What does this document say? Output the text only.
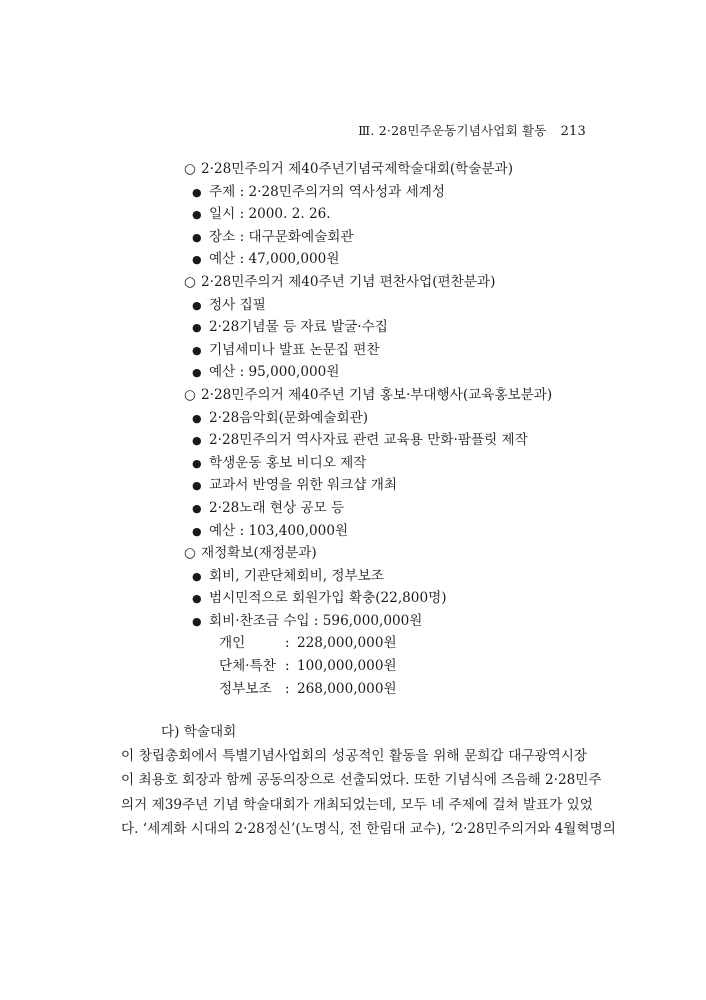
Ⅲ. 2·28민주운동기념사업회 활동 213
○ 2·28민주의거 제40주년기념국제학술대회(학술분과)
● 주제 : 2·28민주의거의 역사성과 세계성
● 일시 : 2000. 2. 26.
● 장소 : 대구문화예술회관
● 예산 : 47,000,000원
○ 2·28민주의거 제40주년 기념 편찬사업(편찬분과)
● 정사 집필
● 2·28기념물 등 자료 발굴·수집
● 기념세미나 발표 논문집 편찬
● 예산 : 95,000,000원
○ 2·28민주의거 제40주년 기념 홍보·부대행사(교육홍보분과)
● 2·28음악회(문화예술회관)
● 2·28민주의거 역사자료 관련 교육용 만화·팜플릿 제작
● 학생운동 홍보 비디오 제작
● 교과서 반영을 위한 워크샵 개최
● 2·28노래 현상 공모 등
● 예산 : 103,400,000원
○ 재정확보(재정분과)
● 회비, 기관단체회비, 정부보조
● 범시민적으로 회원가입 확충(22,800명)
● 회비·찬조금 수입 : 596,000,000원
개인	: 228,000,000원
단체·특찬 : 100,000,000원
정부보조 : 268,000,000원
다) 학술대회
이 창립총회에서 특별기념사업회의 성공적인 활동을 위해 문희갑 대구광역시장
이 최용호 회장과 함께 공동의장으로 선출되었다. 또한 기념식에 즈음해 2·28민주
의거 제39주년 기념 학술대회가 개최되었는데, 모두 네 주제에 걸쳐 발표가 있었
다. ‘세계화 시대의 2·28정신’(노명식, 전 한림대 교수), ‘2·28민주의거와 4월혁명의
